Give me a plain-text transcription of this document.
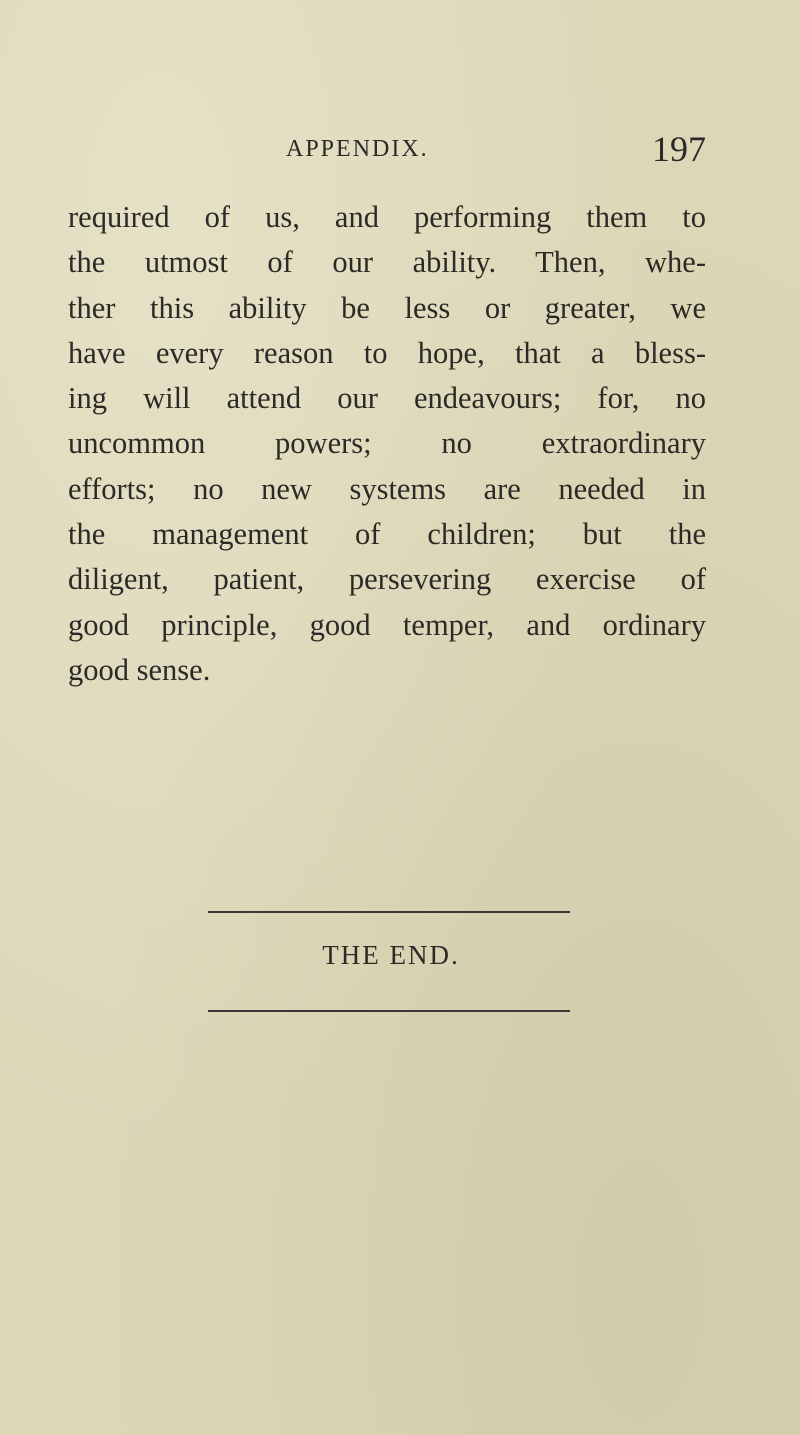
APPENDIX.	197
required of us, and performing them to
the utmost of our ability. Then, whe-
ther this ability be less or greater, we
have every reason to hope, that a bless-
ing will attend our endeavours; for, no
uncommon powers; no extraordinary
efforts; no new systems are needed in
the management of children; but the
diligent, patient, persevering exercise of
good principle, good temper, and ordinary
good sense.
THE END.
